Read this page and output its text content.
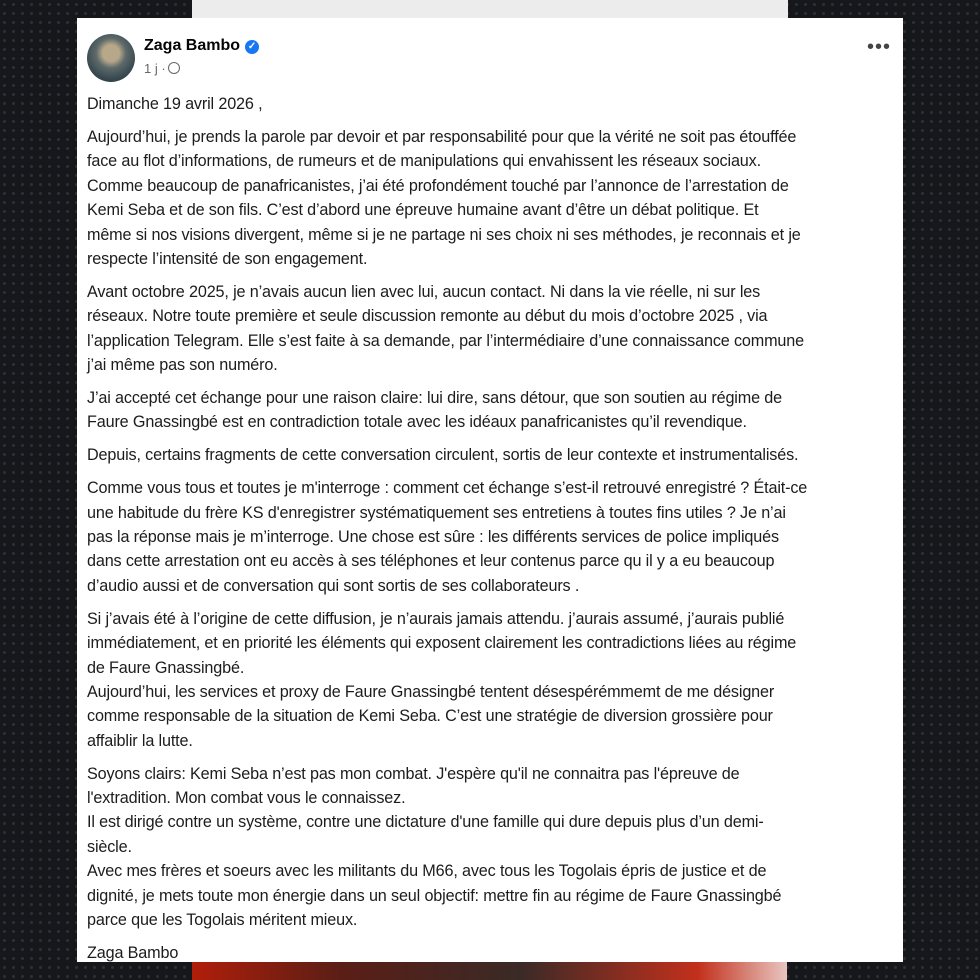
Zaga Bambo ✓
1 j ·
•••
Dimanche 19 avril 2026 ,
Aujourd’hui, je prends la parole par devoir et par responsabilité pour que la vérité ne soit pas étouffée
face au flot d’informations, de rumeurs et de manipulations qui envahissent les réseaux sociaux.
Comme beaucoup de panafricanistes, j’ai été profondément touché par l’annonce de l’arrestation de
Kemi Seba et de son fils. C’est d’abord une épreuve humaine avant d’être un débat politique. Et
même si nos visions divergent, même si je ne partage ni ses choix ni ses méthodes, je reconnais et je
respecte l’intensité de son engagement.
Avant octobre 2025, je n’avais aucun lien avec lui, aucun contact. Ni dans la vie réelle, ni sur les
réseaux. Notre toute première et seule discussion remonte au début du mois d’octobre 2025 , via
l’application Telegram. Elle s’est faite à sa demande, par l’intermédiaire d’une connaissance commune
j’ai même pas son numéro.
J’ai accepté cet échange pour une raison claire: lui dire, sans détour, que son soutien au régime de
Faure Gnassingbé est en contradiction totale avec les idéaux panafricanistes qu’il revendique.
Depuis, certains fragments de cette conversation circulent, sortis de leur contexte et instrumentalisés.
Comme vous tous et toutes je m'interroge : comment cet échange s’est-il retrouvé enregistré ? Était-ce
une habitude du frère KS d'enregistrer systématiquement ses entretiens à toutes fins utiles ? Je n’ai
pas la réponse mais je m’interroge. Une chose est sûre : les différents services de police impliqués
dans cette arrestation ont eu accès à ses téléphones et leur contenus parce qu il y a eu beaucoup
d’audio aussi et de conversation qui sont sortis de ses collaborateurs .
Si j’avais été à l’origine de cette diffusion, je n’aurais jamais attendu. j’aurais assumé, j’aurais publié
immédiatement, et en priorité les éléments qui exposent clairement les contradictions liées au régime
de Faure Gnassingbé.
Aujourd’hui, les services et proxy de Faure Gnassingbé tentent désespérémmemt de me désigner
comme responsable de la situation de Kemi Seba. C’est une stratégie de diversion grossière pour
affaiblir la lutte.
Soyons clairs: Kemi Seba n’est pas mon combat. J'espère qu'il ne connaitra pas l'épreuve de
l'extradition. Mon combat vous le connaissez.
Il est dirigé contre un système, contre une dictature d'une famille qui dure depuis plus d’un demi-
siècle.
Avec mes frères et soeurs avec les militants du M66, avec tous les Togolais épris de justice et de
dignité, je mets toute mon énergie dans un seul objectif: mettre fin au régime de Faure Gnassingbé
parce que les Togolais méritent mieux.
Zaga Bambo
